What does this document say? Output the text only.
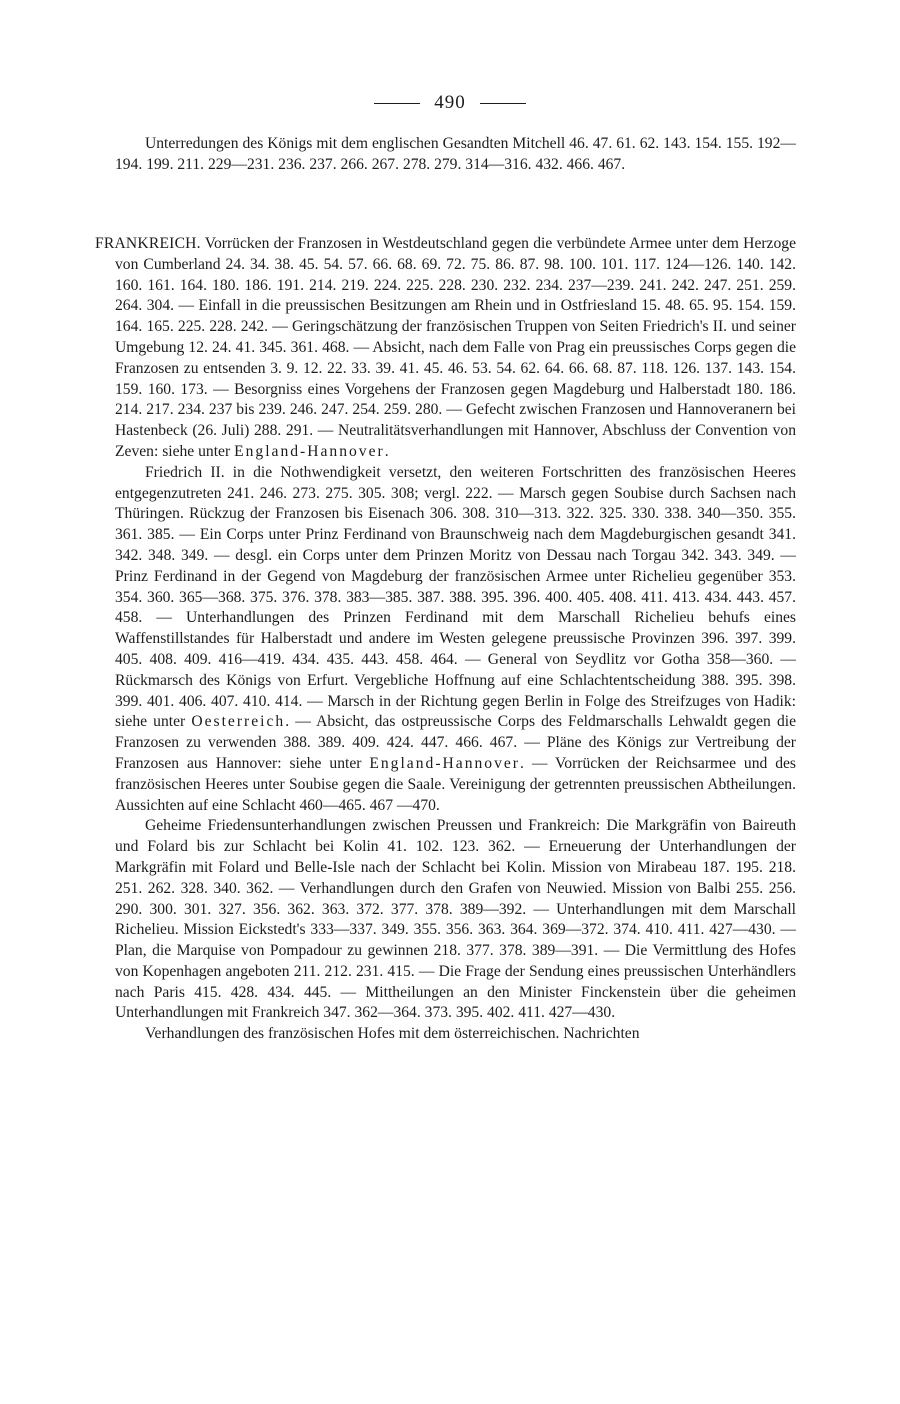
490

Unterredungen des Königs mit dem englischen Gesandten Mitchell 46. 47. 61. 62. 143. 154. 155. 192—194. 199. 211. 229—231. 236. 237. 266. 267. 278. 279. 314—316. 432. 466. 467.

FRANKREICH. Vorrücken der Franzosen in Westdeutschland gegen die verbündete Armee unter dem Herzoge von Cumberland 24. 34. 38. 45. 54. 57. 66. 68. 69. 72. 75. 86. 87. 98. 100. 101. 117. 124—126. 140. 142. 160. 161. 164. 180. 186. 191. 214. 219. 224. 225. 228. 230. 232. 234. 237—239. 241. 242. 247. 251. 259. 264. 304. — Einfall in die preussischen Besitzungen am Rhein und in Ostfriesland 15. 48. 65. 95. 154. 159. 164. 165. 225. 228. 242. — Geringschätzung der französischen Truppen von Seiten Friedrich's II. und seiner Umgebung 12. 24. 41. 345. 361. 468. — Absicht, nach dem Falle von Prag ein preussisches Corps gegen die Franzosen zu entsenden 3. 9. 12. 22. 33. 39. 41. 45. 46. 53. 54. 62. 64. 66. 68. 87. 118. 126. 137. 143. 154. 159. 160. 173. — Besorgniss eines Vorgehens der Franzosen gegen Magdeburg und Halberstadt 180. 186. 214. 217. 234. 237 bis 239. 246. 247. 254. 259. 280. — Gefecht zwischen Franzosen und Hannoveranern bei Hastenbeck (26. Juli) 288. 291. — Neutralitätsverhandlungen mit Hannover, Abschluss der Convention von Zeven: siehe unter England-Hannover.

Friedrich II. in die Nothwendigkeit versetzt, den weiteren Fortschritten des französischen Heeres entgegenzutreten 241. 246. 273. 275. 305. 308; vergl. 222. — Marsch gegen Soubise durch Sachsen nach Thüringen. Rückzug der Franzosen bis Eisenach 306. 308. 310—313. 322. 325. 330. 338. 340—350. 355. 361. 385. — Ein Corps unter Prinz Ferdinand von Braunschweig nach dem Magdeburgischen gesandt 341. 342. 348. 349. — desgl. ein Corps unter dem Prinzen Moritz von Dessau nach Torgau 342. 343. 349. — Prinz Ferdinand in der Gegend von Magdeburg der französischen Armee unter Richelieu gegenüber 353. 354. 360. 365—368. 375. 376. 378. 383—385. 387. 388. 395. 396. 400. 405. 408. 411. 413. 434. 443. 457. 458. — Unterhandlungen des Prinzen Ferdinand mit dem Marschall Richelieu behufs eines Waffenstillstandes für Halberstadt und andere im Westen gelegene preussische Provinzen 396. 397. 399. 405. 408. 409. 416—419. 434. 435. 443. 458. 464. — General von Seydlitz vor Gotha 358—360. — Rückmarsch des Königs von Erfurt. Vergebliche Hoffnung auf eine Schlachtentscheidung 388. 395. 398. 399. 401. 406. 407. 410. 414. — Marsch in der Richtung gegen Berlin in Folge des Streifzuges von Hadik: siehe unter Oesterreich. — Absicht, das ostpreussische Corps des Feldmarschalls Lehwaldt gegen die Franzosen zu verwenden 388. 389. 409. 424. 447. 466. 467. — Pläne des Königs zur Vertreibung der Franzosen aus Hannover: siehe unter England-Hannover. — Vorrücken der Reichsarmee und des französischen Heeres unter Soubise gegen die Saale. Vereinigung der getrennten preussischen Abtheilungen. Aussichten auf eine Schlacht 460—465. 467 —470.

Geheime Friedensunterhandlungen zwischen Preussen und Frankreich: Die Markgräfin von Baireuth und Folard bis zur Schlacht bei Kolin 41. 102. 123. 362. — Erneuerung der Unterhandlungen der Markgräfin mit Folard und Belle-Isle nach der Schlacht bei Kolin. Mission von Mirabeau 187. 195. 218. 251. 262. 328. 340. 362. — Verhandlungen durch den Grafen von Neuwied. Mission von Balbi 255. 256. 290. 300. 301. 327. 356. 362. 363. 372. 377. 378. 389—392. — Unterhandlungen mit dem Marschall Richelieu. Mission Eickstedt's 333—337. 349. 355. 356. 363. 364. 369—372. 374. 410. 411. 427—430. — Plan, die Marquise von Pompadour zu gewinnen 218. 377. 378. 389—391. — Die Vermittlung des Hofes von Kopenhagen angeboten 211. 212. 231. 415. — Die Frage der Sendung eines preussischen Unterhändlers nach Paris 415. 428. 434. 445. — Mittheilungen an den Minister Finckenstein über die geheimen Unterhandlungen mit Frankreich 347. 362—364. 373. 395. 402. 411. 427—430.

Verhandlungen des französischen Hofes mit dem österreichischen. Nachrichten
